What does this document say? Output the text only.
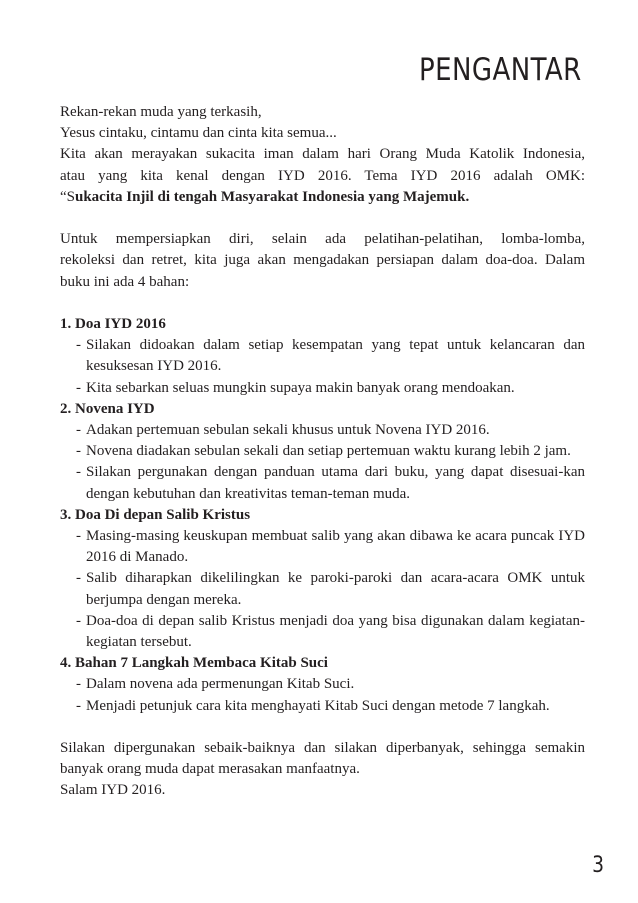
PENGANTAR
Rekan-rekan muda yang terkasih,
Yesus cintaku, cintamu dan cinta kita semua...
Kita akan merayakan sukacita iman dalam hari Orang Muda Katolik Indonesia,
atau yang kita kenal dengan IYD 2016. Tema IYD 2016 adalah OMK:
“Sukacita Injil di tengah Masyarakat Indonesia yang Majemuk.
Untuk mempersiapkan diri, selain ada pelatihan-pelatihan, lomba-lomba,
rekoleksi dan retret, kita juga akan mengadakan persiapan dalam doa-doa. Dalam
buku ini ada 4 bahan:
1. Doa IYD 2016
- Silakan didoakan dalam setiap kesempatan yang tepat untuk kelancaran dan kesuksesan IYD 2016.
- Kita sebarkan seluas mungkin supaya makin banyak orang mendoakan.
2. Novena IYD
- Adakan pertemuan sebulan sekali khusus untuk Novena IYD 2016.
- Novena diadakan sebulan sekali dan setiap pertemuan waktu kurang lebih 2 jam.
- Silakan pergunakan dengan panduan utama dari buku, yang dapat disesuai-kan dengan kebutuhan dan kreativitas teman-teman muda.
3. Doa Di depan Salib Kristus
- Masing-masing keuskupan membuat salib yang akan dibawa ke acara puncak IYD 2016 di Manado.
- Salib diharapkan dikelilingkan ke paroki-paroki dan acara-acara OMK untuk berjumpa dengan mereka.
- Doa-doa di depan salib Kristus menjadi doa yang bisa digunakan dalam kegiatan-kegiatan tersebut.
4. Bahan 7 Langkah Membaca Kitab Suci
- Dalam novena ada permenungan Kitab Suci.
- Menjadi petunjuk cara kita menghayati Kitab Suci dengan metode 7 langkah.
Silakan dipergunakan sebaik-baiknya dan silakan diperbanyak, sehingga semakin
banyak orang muda dapat merasakan manfaatnya.
Salam IYD 2016.
3
